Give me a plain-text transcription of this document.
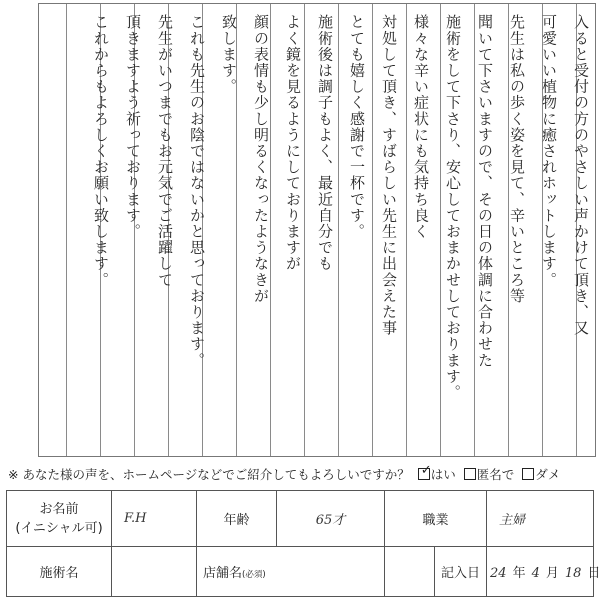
入ると受付の方のやさしい声かけて頂き、又
可愛いい植物に癒されホットします。
先生は私の歩く姿を見て、辛いところ等
聞いて下さいますので、その日の体調に合わせた
施術をして下さり、安心しておまかせしております。
様々な辛い症状にも気持ち良く
対処して頂き、すばらしい先生に出会えた事
とても嬉しく感謝で一杯です。
施術後は調子もよく、最近自分でも
よく鏡を見るようにしておりますが
顔の表情も少し明るくなったようなきが
致します。
これも先生のお陰ではないかと思っております。
先生がいつまでもお元気でご活躍して
頂きますよう祈っております。
これからもよろしくお願い致します。
※ あなた様の声を、ホームページなどでご紹介してもよろしいですか？ ✓ はい 匿名で ダメ
お名前
(イニシャル可)	F.H	年齢	65才	職業		主婦
施術名		店舗名(必須)			記入日	24 年 4 月 18 日
